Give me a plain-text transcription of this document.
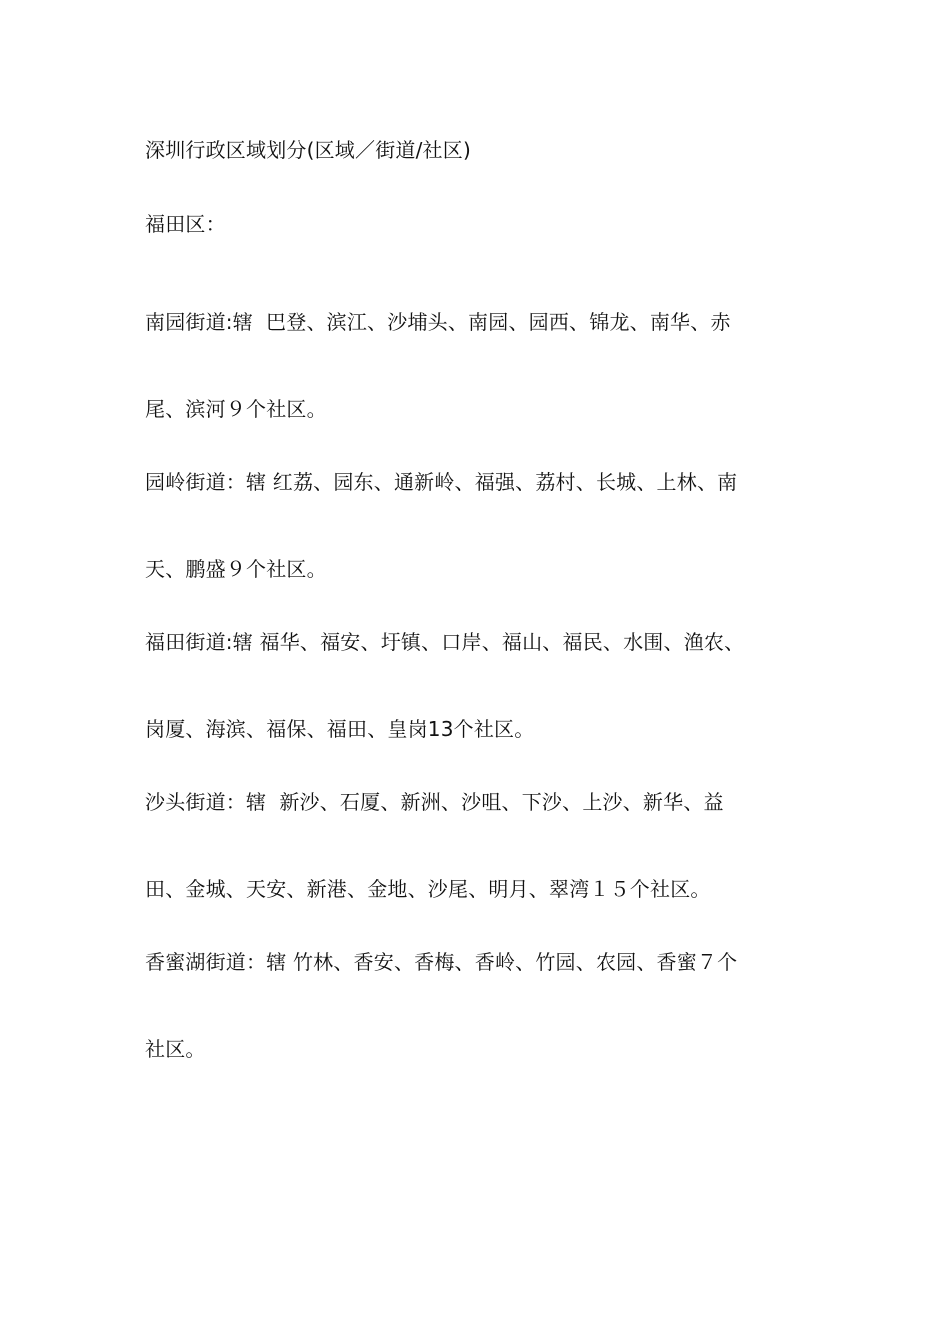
深圳行政区域划分(区域／街道/社区)
福田区：
南园街道:辖  巴登、滨江、沙埔头、南园、园西、锦龙、南华、赤
尾、滨河９个社区。
园岭街道：辖 红荔、园东、通新岭、福强、荔村、长城、上林、南
天、鹏盛９个社区。
福田街道:辖 福华、福安、圩镇、口岸、福山、福民、水围、渔农、
岗厦、海滨、福保、福田、皇岗13个社区。
沙头街道：辖  新沙、石厦、新洲、沙咀、下沙、上沙、新华、益
田、金城、天安、新港、金地、沙尾、明月、翠湾１５个社区。
香蜜湖街道：辖 竹林、香安、香梅、香岭、竹园、农园、香蜜７个
社区。
